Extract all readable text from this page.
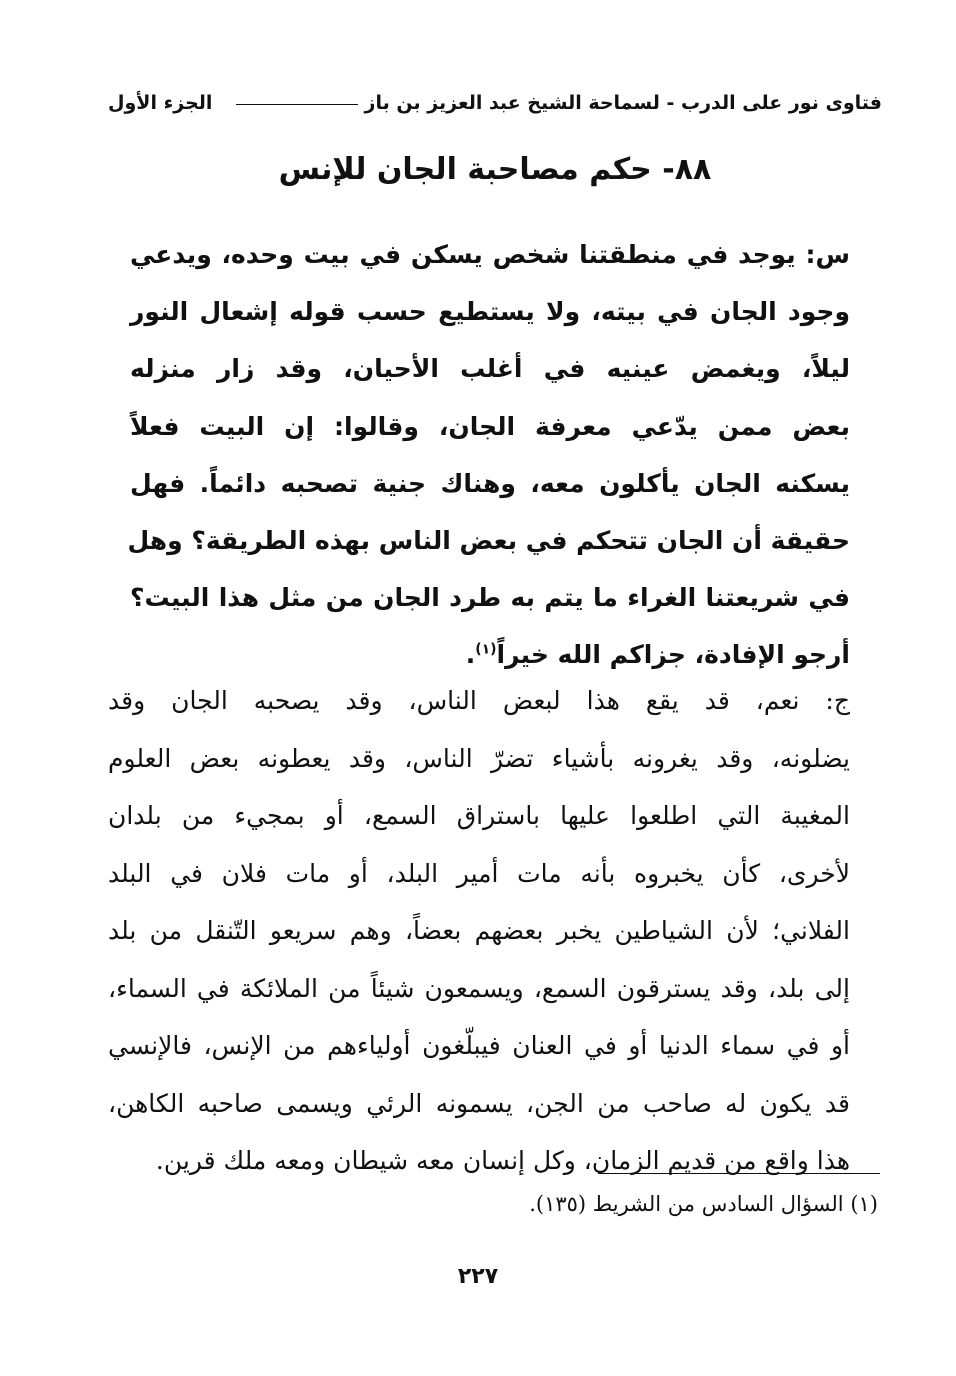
فتاوى نور على الدرب - لسماحة الشيخ عبد العزيز بن باز
الجزء الأول
٨٨- حكم مصاحبة الجان للإنس
س: يوجد في منطقتنا شخص يسكن في بيت وحده، ويدعي
وجود الجان في بيته، ولا يستطيع حسب قوله إشعال النور
ليلاً، ويغمض عينيه في أغلب الأحيان، وقد زار منزله
بعض ممن يدّعي معرفة الجان، وقالوا: إن البيت فعلاً
يسكنه الجان يأكلون معه، وهناك جنية تصحبه دائماً. فهل
حقيقة أن الجان تتحكم في بعض الناس بهذه الطريقة؟ وهل
في شريعتنا الغراء ما يتم به طرد الجان من مثل هذا البيت؟
أرجو الإفادة، جزاكم الله خيراً$^{(١)}$.
ج: نعم، قد يقع هذا لبعض الناس، وقد يصحبه الجان وقد
يضلونه، وقد يغرونه بأشياء تضرّ الناس، وقد يعطونه بعض العلوم
المغيبة التي اطلعوا عليها باستراق السمع، أو بمجيء من بلدان
لأخرى، كأن يخبروه بأنه مات أمير البلد، أو مات فلان في البلد
الفلاني؛ لأن الشياطين يخبر بعضهم بعضاً، وهم سريعو التّنقل من بلد
إلى بلد، وقد يسترقون السمع، ويسمعون شيئاً من الملائكة في السماء،
أو في سماء الدنيا أو في العنان فيبلّغون أولياءهم من الإنس، فالإنسي
قد يكون له صاحب من الجن، يسمونه الرئي ويسمى صاحبه الكاهن،
هذا واقع من قديم الزمان، وكل إنسان معه شيطان ومعه ملك قرين.
(١) السؤال السادس من الشريط (١٣٥).
٢٢٧
